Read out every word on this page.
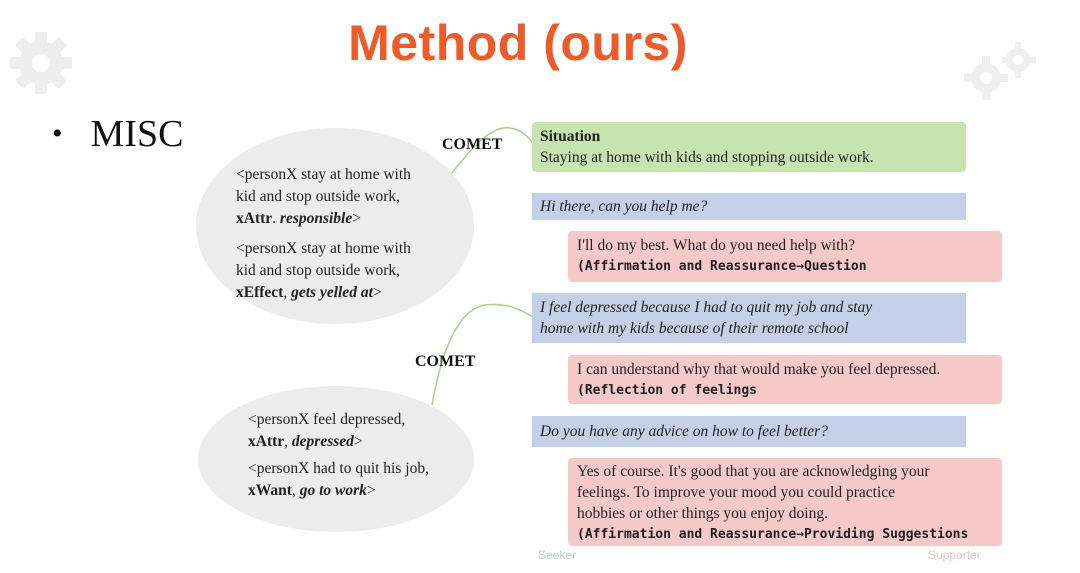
Method (ours)
• MISC
<personX stay at home with
kid and stop outside work,
xAttr. responsible>
<personX stay at home with
kid and stop outside work,
xEffect, gets yelled at>
<personX feel depressed,
xAttr, depressed>
<personX had to quit his job,
xWant, go to work>
COMET
COMET
Situation
Staying at home with kids and stopping outside work.
Hi there, can you help me?
I'll do my best. What do you need help with?
(Affirmation and Reassurance→Question
I feel depressed because I had to quit my job and stay
home with my kids because of their remote school
I can understand why that would make you feel depressed.
(Reflection of feelings
Do you have any advice on how to feel better?
Yes of course. It's good that you are acknowledging your
feelings. To improve your mood you could practice
hobbies or other things you enjoy doing.
(Affirmation and Reassurance→Providing Suggestions
Seeker	Supporter
